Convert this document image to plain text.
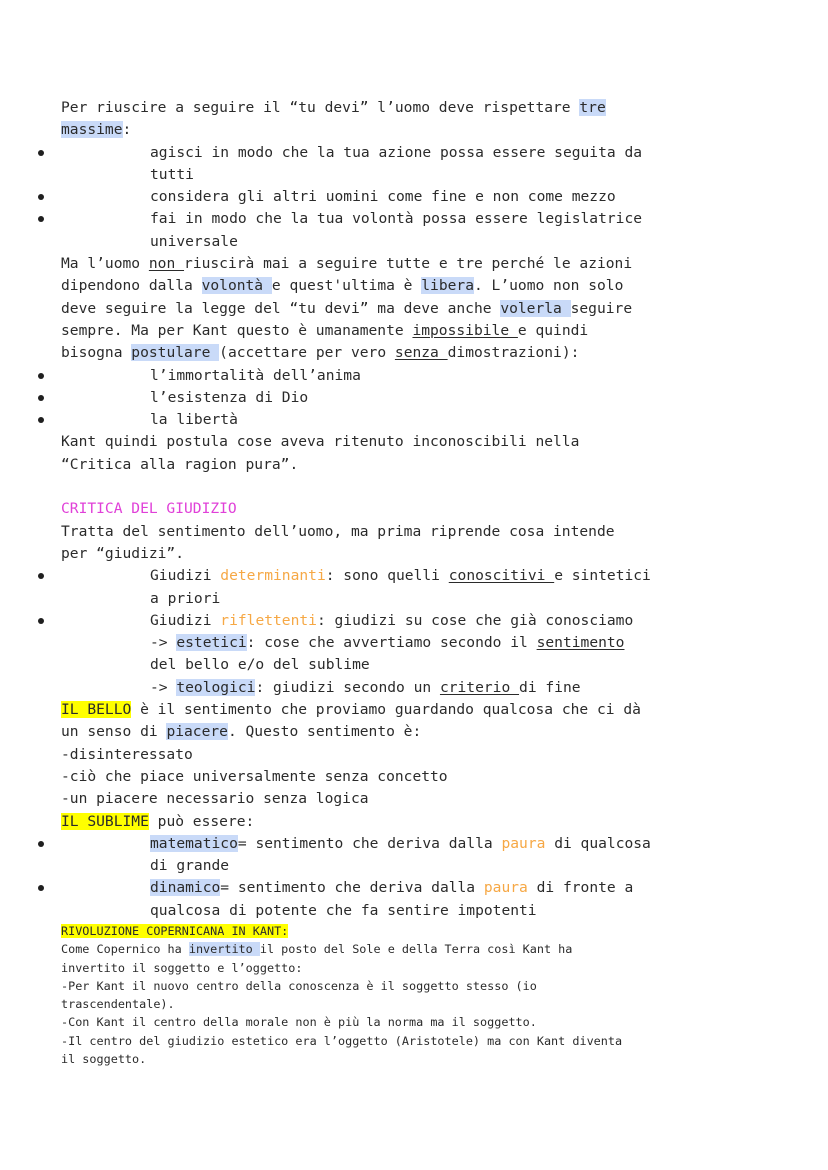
Per riuscire a seguire il “tu devi” l’uomo deve rispettare tre
massime:
agisci in modo che la tua azione possa essere seguita da
tutti
considera gli altri uomini come fine e non come mezzo
fai in modo che la tua volontà possa essere legislatrice
universale
Ma l’uomo non riuscirà mai a seguire tutte e tre perché le azioni
dipendono dalla volontà e quest'ultima è libera. L’uomo non solo
deve seguire la legge del “tu devi” ma deve anche volerla seguire
sempre. Ma per Kant questo è umanamente impossibile e quindi
bisogna postulare (accettare per vero senza dimostrazioni):
l’immortalità dell’anima
l’esistenza di Dio
la libertà
Kant quindi postula cose aveva ritenuto inconoscibili nella
“Critica alla ragion pura”.
CRITICA DEL GIUDIZIO
Tratta del sentimento dell’uomo, ma prima riprende cosa intende
per “giudizi”.
Giudizi determinanti: sono quelli conoscitivi e sintetici
a priori
Giudizi riflettenti: giudizi su cose che già conosciamo
-> estetici: cose che avvertiamo secondo il sentimento
del bello e/o del sublime
-> teologici: giudizi secondo un criterio di fine
IL BELLO è il sentimento che proviamo guardando qualcosa che ci dà
un senso di piacere. Questo sentimento è:
-disinteressato
-ciò che piace universalmente senza concetto
-un piacere necessario senza logica
IL SUBLIME può essere:
matematico= sentimento che deriva dalla paura di qualcosa
di grande
dinamico= sentimento che deriva dalla paura di fronte a
qualcosa di potente che fa sentire impotenti
RIVOLUZIONE COPERNICANA IN KANT:
Come Copernico ha invertito il posto del Sole e della Terra così Kant ha
invertito il soggetto e l’oggetto:
-Per Kant il nuovo centro della conoscenza è il soggetto stesso (io
trascendentale).
-Con Kant il centro della morale non è più la norma ma il soggetto.
-Il centro del giudizio estetico era l’oggetto (Aristotele) ma con Kant diventa
il soggetto.
